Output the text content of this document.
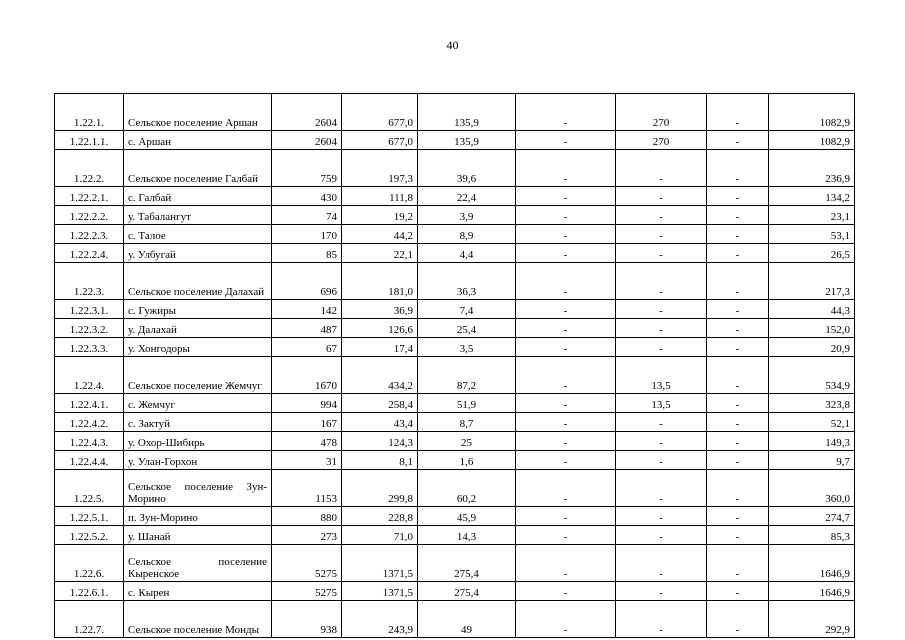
40
1.22.1.	Сельское поселение Аршан	2604	677,0	135,9	-	270	-	1082,9
1.22.1.1.	с. Аршан	2604	677,0	135,9	-	270	-	1082,9
1.22.2.	Сельское поселение Галбай	759	197,3	39,6	-	-	-	236,9
1.22.2.1.	с. Галбай	430	111,8	22,4	-	-	-	134,2
1.22.2.2.	у. Табалангут	74	19,2	3,9	-	-	-	23,1
1.22.2.3.	с. Талое	170	44,2	8,9	-	-	-	53,1
1.22.2.4.	у. Улбугай	85	22,1	4,4	-	-	-	26,5
1.22.3.	Сельское поселение Далахай	696	181,0	36,3	-	-	-	217,3
1.22.3.1.	с. Гужиры	142	36,9	7,4	-	-	-	44,3
1.22.3.2.	у. Далахай	487	126,6	25,4	-	-	-	152,0
1.22.3.3.	у. Хонгодоры	67	17,4	3,5	-	-	-	20,9
1.22.4.	Сельское поселение Жемчуг	1670	434,2	87,2	-	13,5	-	534,9
1.22.4.1.	с. Жемчуг	994	258,4	51,9	-	13,5	-	323,8
1.22.4.2.	с. Зактуй	167	43,4	8,7	-	-	-	52,1
1.22.4.3.	у. Охор-Шибирь	478	124,3	25	-	-	-	149,3
1.22.4.4.	у. Улан-Горхон	31	8,1	1,6	-	-	-	9,7
1.22.5.	Сельское поселение Зун-Морино	1153	299,8	60,2	-	-	-	360,0
1.22.5.1.	п. Зун-Морино	880	228,8	45,9	-	-	-	274,7
1.22.5.2.	у. Шанай	273	71,0	14,3	-	-	-	85,3
1.22.6.	Сельское поселение Кыренское	5275	1371,5	275,4	-	-	-	1646,9
1.22.6.1.	с. Кырен	5275	1371,5	275,4	-	-	-	1646,9
1.22.7.	Сельское поселение Монды	938	243,9	49	-	-	-	292,9
